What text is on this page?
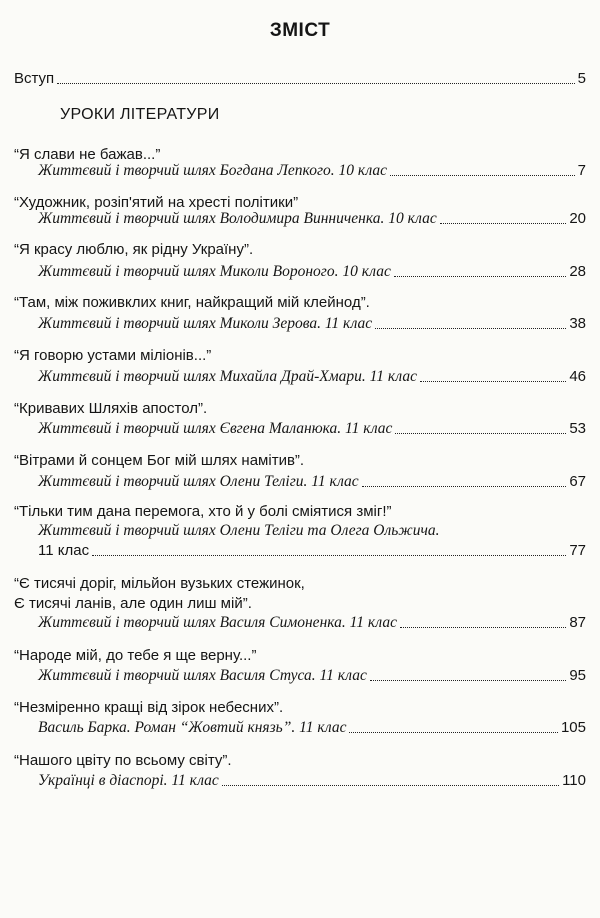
ЗМІСТ
Вступ	5
УРОКИ ЛІТЕРАТУРИ
“Я слави не бажав...”
Життєвий і творчий шлях Богдана Лепкого. 10 клас	7
“Художник, розіп'ятий на хресті політики”
Життєвий і творчий шлях Володимира Винниченка. 10 клас	20
“Я красу люблю, як рідну Україну”.
Життєвий і творчий шлях Миколи Вороного. 10 клас	28
“Там, між поживклих книг, найкращий мій клейнод”.
Життєвий і творчий шлях Миколи Зерова. 11 клас	38
“Я говорю устами міліонів...”
Життєвий і творчий шлях Михайла Драй-Хмари. 11 клас	46
“Кривавих Шляхів апостол”.
Життєвий і творчий шлях Євгена Маланюка. 11 клас	53
“Вітрами й сонцем Бог мій шлях намітив”.
Життєвий і творчий шлях Олени Теліги. 11 клас	67
“Тільки тим дана перемога, хто й у болі сміятися зміг!”
Життєвий і творчий шлях Олени Теліги та Олега Ольжича.
11 клас	77
“Є тисячі доріг, мільйон вузьких стежинок,
Є тисячі ланів, але один лиш мій”.
Життєвий і творчий шлях Василя Симоненка. 11 клас	87
“Народе мій, до тебе я ще верну...”
Життєвий і творчий шлях Василя Стуса. 11 клас	95
“Незміренно кращі від зірок небесних”.
Василь Барка. Роман “Жовтий князь”. 11 клас	105
“Нашого цвіту по всьому світу”.
Українці в діаспорі. 11 клас	110
